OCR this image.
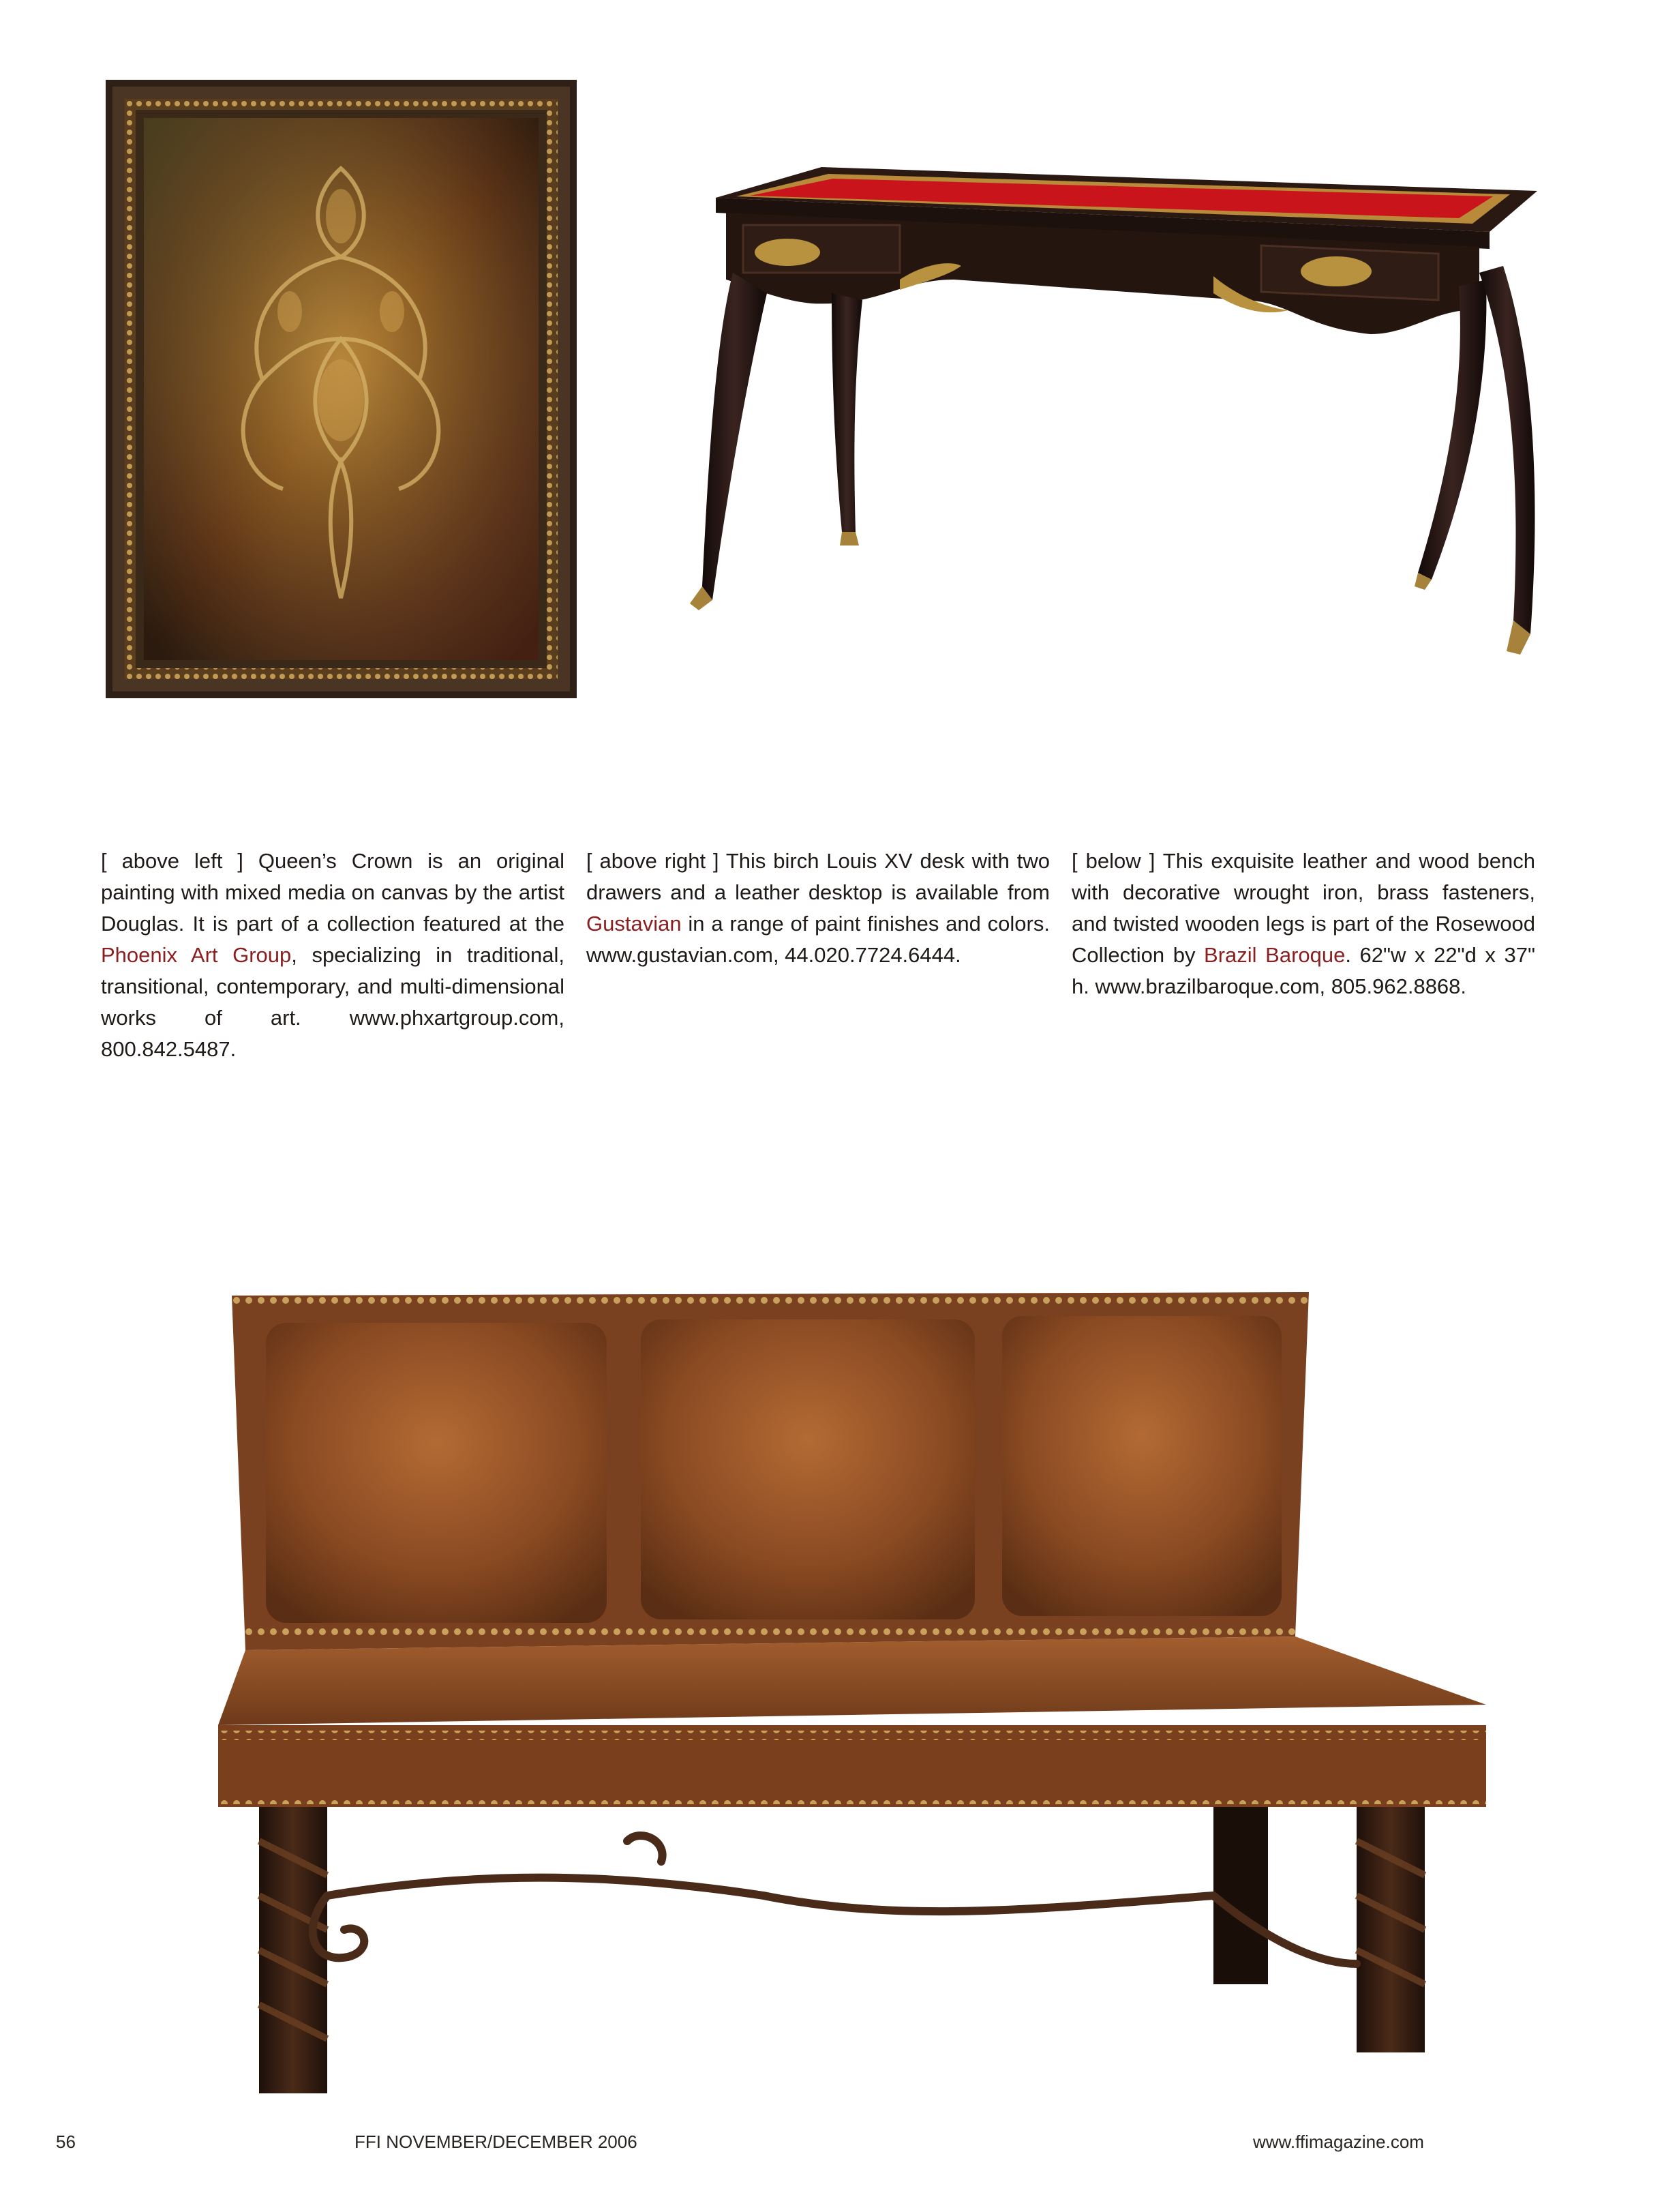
[ above left ] Queen’s Crown is an original painting with mixed media on canvas by the artist Douglas. It is part of a collection featured at the Phoenix Art Group, specializing in traditional, transitional, contemporary, and multi-dimensional works of art. www.phxartgroup.com, 800.842.5487.
[ above right ] This birch Louis XV desk with two drawers and a leather desktop is available from Gustavian in a range of paint finishes and colors. www.gustavian.com, 44.020.7724.6444.
[ below ] This exquisite leather and wood bench with decorative wrought iron, brass fasteners, and twisted wooden legs is part of the Rosewood Collection by Brazil Baroque. 62"w x 22"d x 37" h. www.brazilbaroque.com, 805.962.8868.
56	FFI NOVEMBER/DECEMBER 2006	www.ffimagazine.com
